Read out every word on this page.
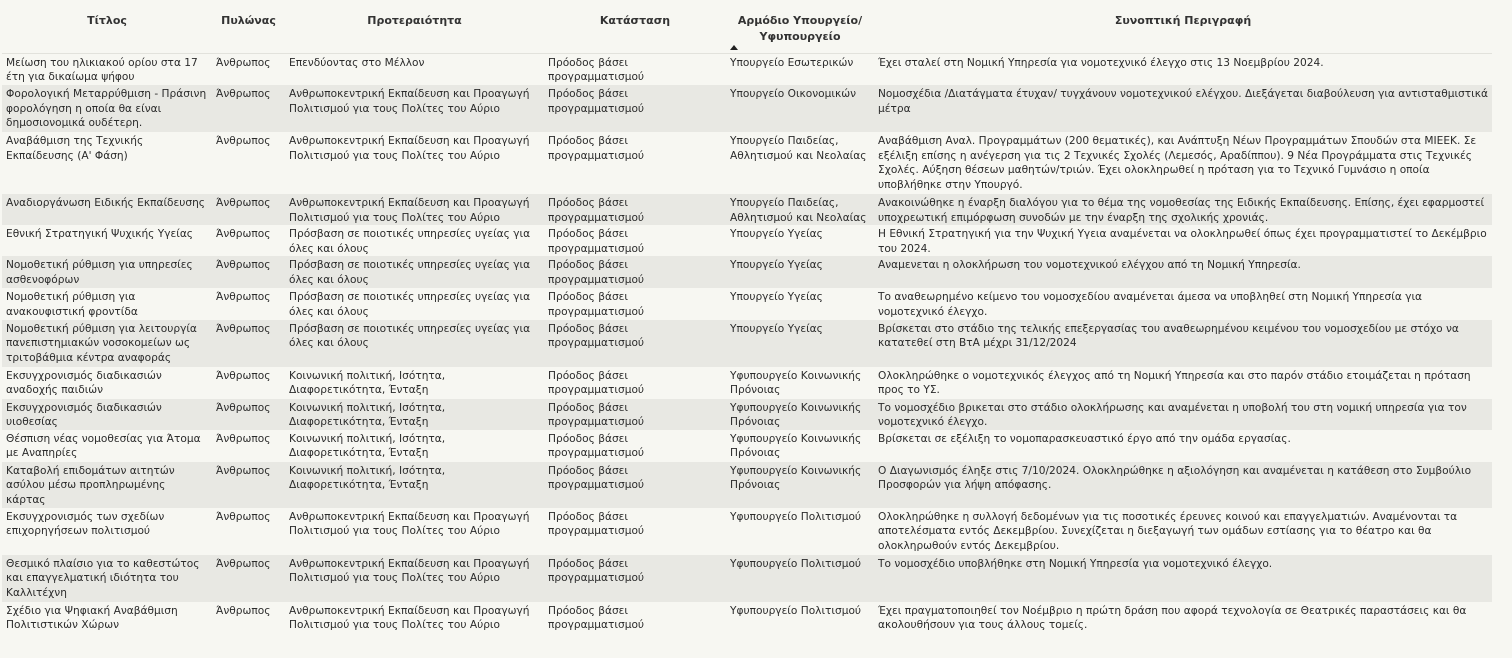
Τίτλος	Πυλώνας	Προτεραιότητα	Κατάσταση	Αρμόδιο Υπουργείο/ Υφυπουργείο	Συνοπτική Περιγραφή
Μείωση του ηλικιακού ορίου στα 17 έτη για δικαίωμα ψήφου	Άνθρωπος	Επενδύοντας στο Μέλλον	Πρόοδος βάσει προγραμματισμού	Υπουργείο Εσωτερικών	Έχει σταλεί στη Νομική Υπηρεσία για νομοτεχνικό έλεγχο στις 13 Νοεμβρίου 2024.
Φορολογική Μεταρρύθμιση - Πράσινη φορολόγηση η οποία θα είναι δημοσιονομικά ουδέτερη.	Άνθρωπος	Ανθρωποκεντρική Εκπαίδευση και Προαγωγή Πολιτισμού για τους Πολίτες του Αύριο	Πρόοδος βάσει προγραμματισμού	Υπουργείο Οικονομικών	Νομοσχέδια /Διατάγματα έτυχαν/ τυγχάνουν νομοτεχνικού ελέγχου. Διεξάγεται διαβούλευση για αντισταθμιστικά μέτρα
Αναβάθμιση της Τεχνικής Εκπαίδευσης (Α' Φάση)	Άνθρωπος	Ανθρωποκεντρική Εκπαίδευση και Προαγωγή Πολιτισμού για τους Πολίτες του Αύριο	Πρόοδος βάσει προγραμματισμού	Υπουργείο Παιδείας, Αθλητισμού και Νεολαίας	Αναβάθμιση Αναλ. Προγραμμάτων (200 θεματικές), και Ανάπτυξη Νέων Προγραμμάτων Σπουδών στα ΜΙΕΕΚ. Σε εξέλιξη επίσης η ανέγερση για τις 2 Τεχνικές Σχολές (Λεμεσός, Αραδίππου). 9 Νέα Προγράμματα στις Τεχνικές Σχολές. Αύξηση θέσεων μαθητών/τριών. Έχει ολοκληρωθεί η πρόταση για το Τεχνικό Γυμνάσιο η οποία υποβλήθηκε στην Υπουργό.
Αναδιοργάνωση Ειδικής Εκπαίδευσης	Άνθρωπος	Ανθρωποκεντρική Εκπαίδευση και Προαγωγή Πολιτισμού για τους Πολίτες του Αύριο	Πρόοδος βάσει προγραμματισμού	Υπουργείο Παιδείας, Αθλητισμού και Νεολαίας	Ανακοινώθηκε η έναρξη διαλόγου για το θέμα της νομοθεσίας της Ειδικής Εκπαίδευσης. Επίσης, έχει εφαρμοστεί υποχρεωτική επιμόρφωση συνοδών με την έναρξη της σχολικής χρονιάς.
Εθνική Στρατηγική Ψυχικής Υγείας	Άνθρωπος	Πρόσβαση σε ποιοτικές υπηρεσίες υγείας για όλες και όλους	Πρόοδος βάσει προγραμματισμού	Υπουργείο Υγείας	Η Εθνική Στρατηγική για την Ψυχική Υγεια αναμένεται να ολοκληρωθεί όπως έχει προγραμματιστεί το Δεκέμβριο του 2024.
Νομοθετική ρύθμιση για υπηρεσίες ασθενοφόρων	Άνθρωπος	Πρόσβαση σε ποιοτικές υπηρεσίες υγείας για όλες και όλους	Πρόοδος βάσει προγραμματισμού	Υπουργείο Υγείας	Αναμενεται η ολοκλήρωση του νομοτεχνικού ελέγχου από τη Νομική Υπηρεσία.
Νομοθετική ρύθμιση για ανακουφιστική φροντίδα	Άνθρωπος	Πρόσβαση σε ποιοτικές υπηρεσίες υγείας για όλες και όλους	Πρόοδος βάσει προγραμματισμού	Υπουργείο Υγείας	Το αναθεωρημένο κείμενο του νομοσχεδίου αναμένεται άμεσα να υποβληθεί στη Νομική Υπηρεσία για νομοτεχνικό έλεγχο.
Νομοθετική ρύθμιση για λειτουργία πανεπιστημιακών νοσοκομείων ως τριτοβάθμια κέντρα αναφοράς	Άνθρωπος	Πρόσβαση σε ποιοτικές υπηρεσίες υγείας για όλες και όλους	Πρόοδος βάσει προγραμματισμού	Υπουργείο Υγείας	Βρίσκεται στο στάδιο της τελικής επεξεργασίας του αναθεωρημένου κειμένου του νομοσχεδίου με στόχο να κατατεθεί στη ΒτΑ μέχρι 31/12/2024
Εκσυγχρονισμός διαδικασιών αναδοχής παιδιών	Άνθρωπος	Κοινωνική πολιτική, Ισότητα, Διαφορετικότητα, Ένταξη	Πρόοδος βάσει προγραμματισμού	Υφυπουργείο Κοινωνικής Πρόνοιας	Ολοκληρώθηκε ο νομοτεχνικός έλεγχος από τη Νομική Υπηρεσία και στο παρόν στάδιο ετοιμάζεται η πρόταση προς το ΥΣ.
Εκσυγχρονισμός διαδικασιών υιοθεσίας	Άνθρωπος	Κοινωνική πολιτική, Ισότητα, Διαφορετικότητα, Ένταξη	Πρόοδος βάσει προγραμματισμού	Υφυπουργείο Κοινωνικής Πρόνοιας	Το νομοσχέδιο βρικεται στο στάδιο ολοκλήρωσης και αναμένεται η υποβολή του στη νομική υπηρεσία για τον νομοτεχνικό έλεγχο.
Θέσπιση νέας νομοθεσίας για Άτομα με Αναπηρίες	Άνθρωπος	Κοινωνική πολιτική, Ισότητα, Διαφορετικότητα, Ένταξη	Πρόοδος βάσει προγραμματισμού	Υφυπουργείο Κοινωνικής Πρόνοιας	Βρίσκεται σε εξέλιξη το νομοπαρασκευαστικό έργο από την ομάδα εργασίας.
Καταβολή επιδομάτων αιτητών ασύλου μέσω προπληρωμένης κάρτας	Άνθρωπος	Κοινωνική πολιτική, Ισότητα, Διαφορετικότητα, Ένταξη	Πρόοδος βάσει προγραμματισμού	Υφυπουργείο Κοινωνικής Πρόνοιας	Ο Διαγωνισμός έληξε στις 7/10/2024. Ολοκληρώθηκε η αξιολόγηση και αναμένεται η κατάθεση στο Συμβούλιο Προσφορών για λήψη απόφασης.
Εκσυγχρονισμός των σχεδίων επιχορηγήσεων πολιτισμού	Άνθρωπος	Ανθρωποκεντρική Εκπαίδευση και Προαγωγή Πολιτισμού για τους Πολίτες του Αύριο	Πρόοδος βάσει προγραμματισμού	Υφυπουργείο Πολιτισμού	Ολοκληρώθηκε η συλλογή δεδομένων για τις ποσοτικές έρευνες κοινού και επαγγελματιών. Αναμένονται τα αποτελέσματα εντός Δεκεμβρίου. Συνεχίζεται η διεξαγωγή των ομάδων εστίασης για το θέατρο και θα ολοκληρωθούν εντός Δεκεμβρίου.
Θεσμικό πλαίσιο για το καθεστώτος και επαγγελματική ιδιότητα του Καλλιτέχνη	Άνθρωπος	Ανθρωποκεντρική Εκπαίδευση και Προαγωγή Πολιτισμού για τους Πολίτες του Αύριο	Πρόοδος βάσει προγραμματισμού	Υφυπουργείο Πολιτισμού	Το νομοσχέδιο υποβλήθηκε στη Νομική Υπηρεσία για νομοτεχνικό έλεγχο.
Σχέδιο για Ψηφιακή Αναβάθμιση Πολιτιστικών Χώρων	Άνθρωπος	Ανθρωποκεντρική Εκπαίδευση και Προαγωγή Πολιτισμού για τους Πολίτες του Αύριο	Πρόοδος βάσει προγραμματισμού	Υφυπουργείο Πολιτισμού	Έχει πραγματοποιηθεί τον Νοέμβριο η πρώτη δράση που αφορά τεχνολογία σε Θεατρικές παραστάσεις και θα ακολουθήσουν για τους άλλους τομείς.
